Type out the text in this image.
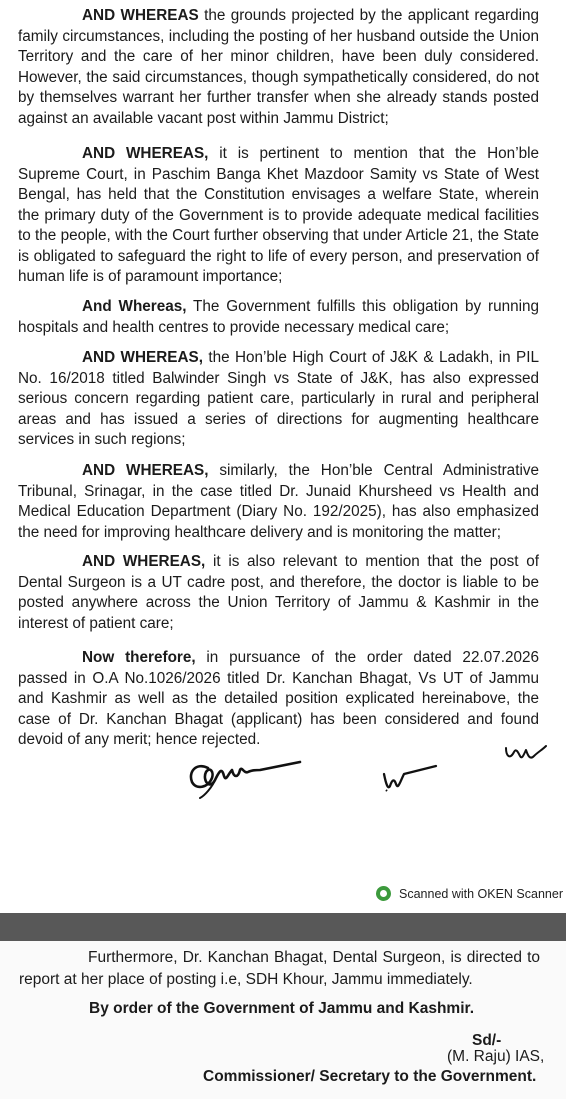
AND WHEREAS the grounds projected by the applicant regarding family circumstances, including the posting of her husband outside the Union Territory and the care of her minor children, have been duly considered. However, the said circumstances, though sympathetically considered, do not by themselves warrant her further transfer when she already stands posted against an available vacant post within Jammu District;

AND WHEREAS, it is pertinent to mention that the Hon’ble Supreme Court, in Paschim Banga Khet Mazdoor Samity vs State of West Bengal, has held that the Constitution envisages a welfare State, wherein the primary duty of the Government is to provide adequate medical facilities to the people, with the Court further observing that under Article 21, the State is obligated to safeguard the right to life of every person, and preservation of human life is of paramount importance;

And Whereas, The Government fulfills this obligation by running hospitals and health centres to provide necessary medical care;

AND WHEREAS, the Hon’ble High Court of J&K & Ladakh, in PIL No. 16/2018 titled Balwinder Singh vs State of J&K, has also expressed serious concern regarding patient care, particularly in rural and peripheral areas and has issued a series of directions for augmenting healthcare services in such regions;

AND WHEREAS, similarly, the Hon’ble Central Administrative Tribunal, Srinagar, in the case titled Dr. Junaid Khursheed vs Health and Medical Education Department (Diary No. 192/2025), has also emphasized the need for improving healthcare delivery and is monitoring the matter;

AND WHEREAS, it is also relevant to mention that the post of Dental Surgeon is a UT cadre post, and therefore, the doctor is liable to be posted anywhere across the Union Territory of Jammu & Kashmir in the interest of patient care;

Now therefore, in pursuance of the order dated 22.07.2026 passed in O.A No.1026/2026 titled Dr. Kanchan Bhagat, Vs UT of Jammu and Kashmir as well as the detailed position explicated hereinabove, the case of Dr. Kanchan Bhagat (applicant) has been considered and found devoid of any merit; hence rejected.

Scanned with OKEN Scanner

Furthermore, Dr. Kanchan Bhagat, Dental Surgeon, is directed to report at her place of posting i.e, SDH Khour, Jammu immediately.

By order of the Government of Jammu and Kashmir.
Sd/-
(M. Raju) IAS,
Commissioner/ Secretary to the Government.
